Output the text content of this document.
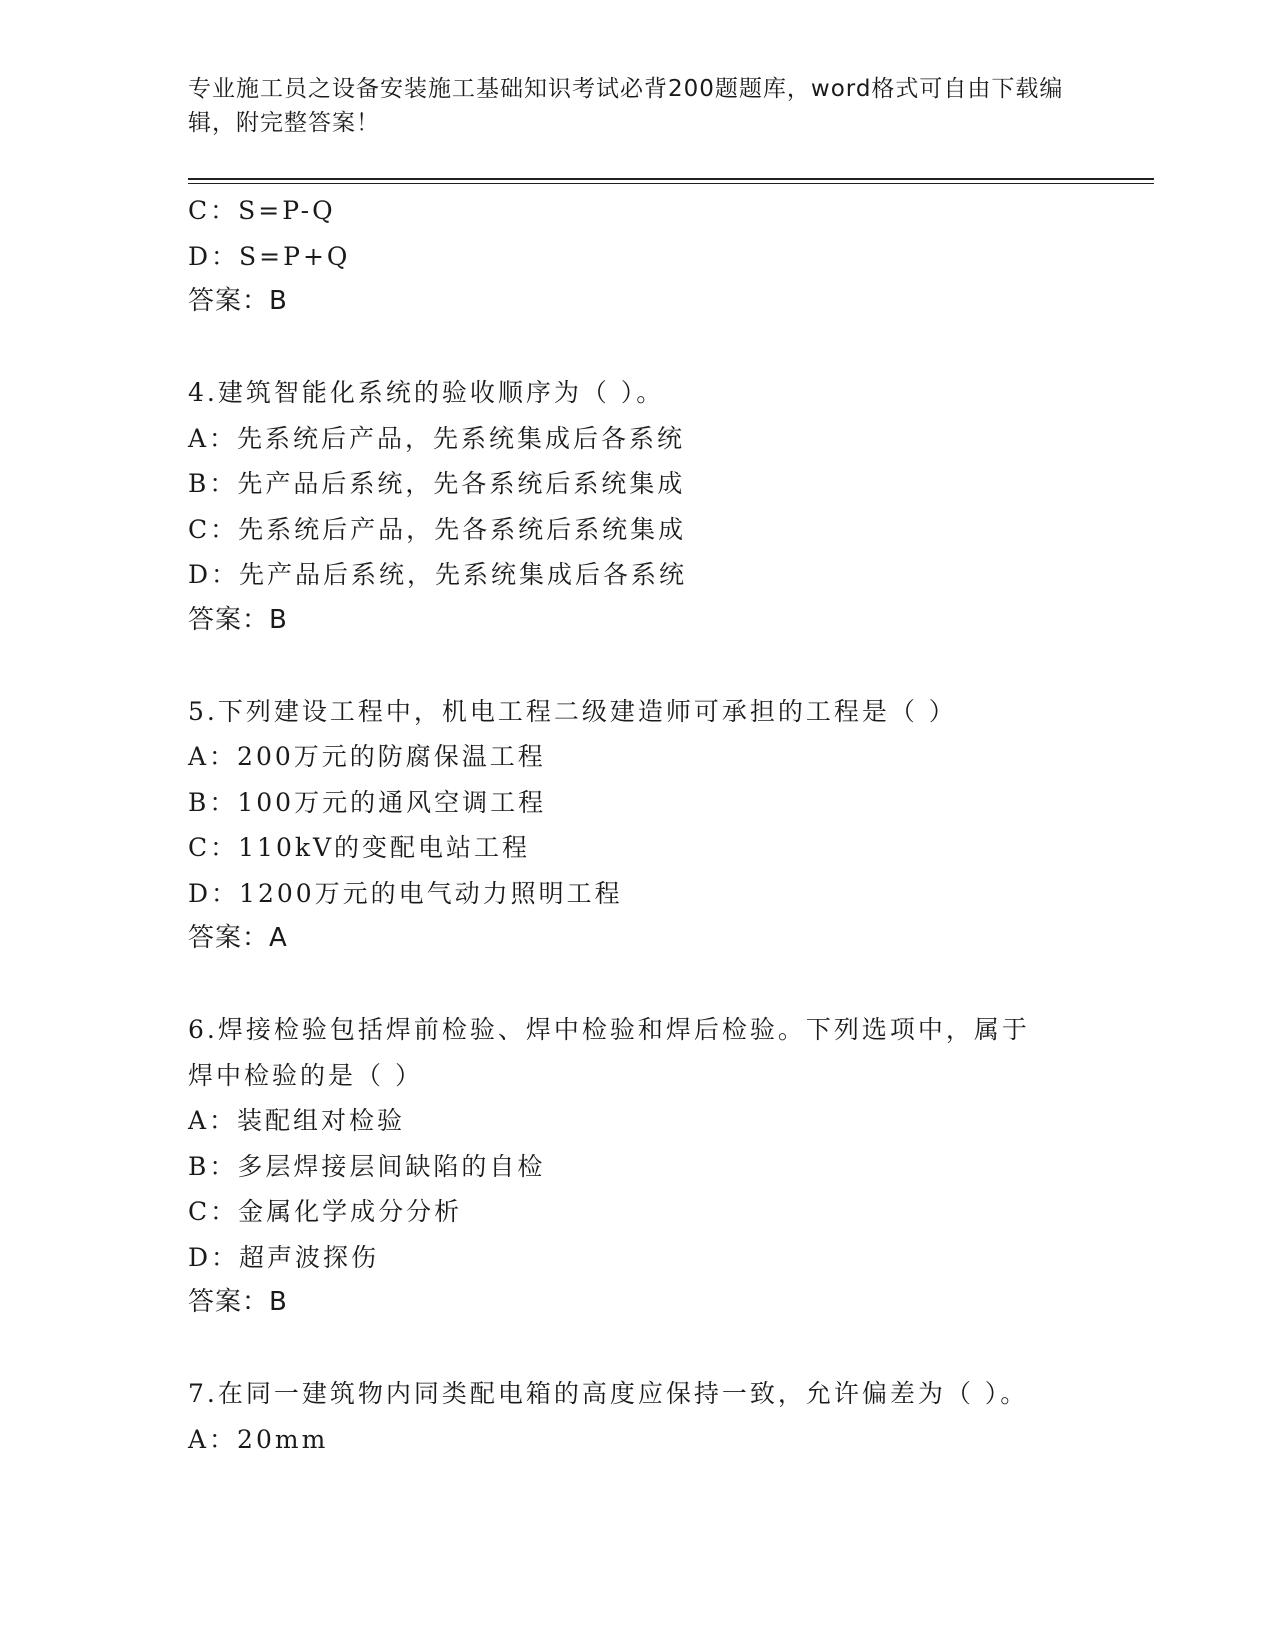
专业施工员之设备安装施工基础知识考试必背200题题库，word格式可自由下载编辑，附完整答案！
C：S=P-Q
D：S=P+Q
答案：B
4.建筑智能化系统的验收顺序为（ ）。
A：先系统后产品，先系统集成后各系统
B：先产品后系统，先各系统后系统集成
C：先系统后产品，先各系统后系统集成
D：先产品后系统，先系统集成后各系统
答案：B
5.下列建设工程中，机电工程二级建造师可承担的工程是（ ）
A：200万元的防腐保温工程
B：100万元的通风空调工程
C：110kV的变配电站工程
D：1200万元的电气动力照明工程
答案：A
6.焊接检验包括焊前检验、焊中检验和焊后检验。下列选项中，属于焊中检验的是（ ）
A：装配组对检验
B：多层焊接层间缺陷的自检
C：金属化学成分分析
D：超声波探伤
答案：B
7.在同一建筑物内同类配电箱的高度应保持一致，允许偏差为（ ）。
A：20mm
